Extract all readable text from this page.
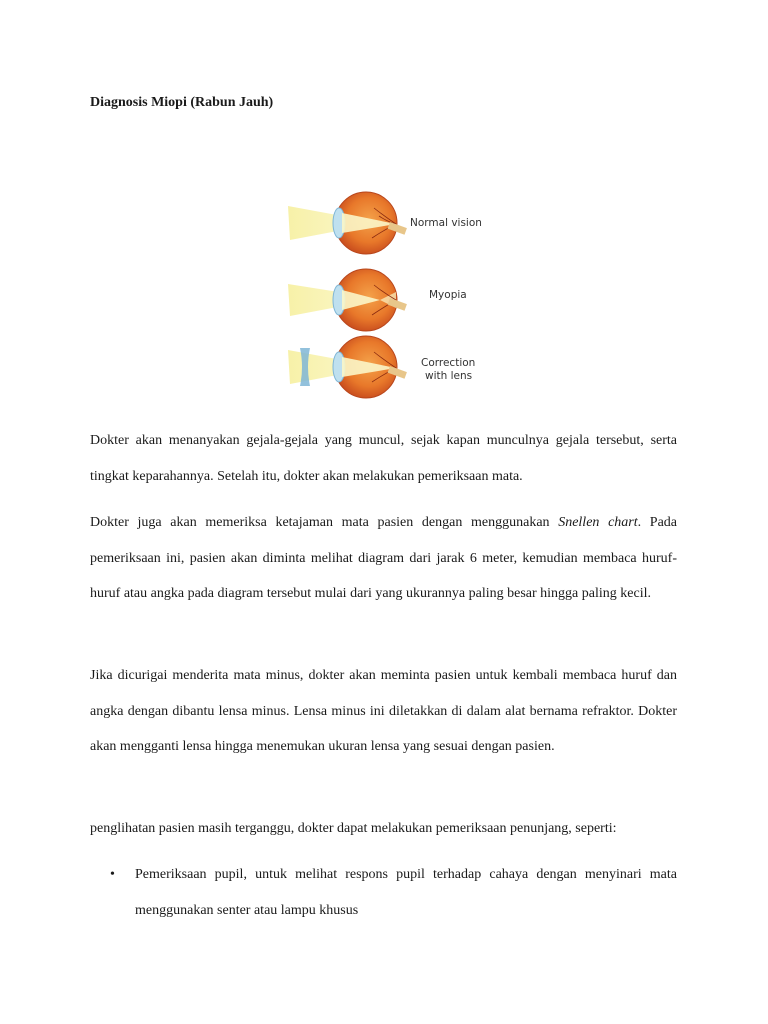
Diagnosis Miopi (Rabun Jauh)
Normal vision
Myopia
Correction
with lens

Dokter akan menanyakan gejala-gejala yang muncul, sejak kapan munculnya gejala tersebut, serta tingkat keparahannya. Setelah itu, dokter akan melakukan pemeriksaan mata.

Dokter juga akan memeriksa ketajaman mata pasien dengan menggunakan Snellen chart. Pada pemeriksaan ini, pasien akan diminta melihat diagram dari jarak 6 meter, kemudian membaca huruf-huruf atau angka pada diagram tersebut mulai dari yang ukurannya paling besar hingga paling kecil.

Jika dicurigai menderita mata minus, dokter akan meminta pasien untuk kembali membaca huruf dan angka dengan dibantu lensa minus. Lensa minus ini diletakkan di dalam alat bernama refraktor. Dokter akan mengganti lensa hingga menemukan ukuran lensa yang sesuai dengan pasien.

penglihatan pasien masih terganggu, dokter dapat melakukan pemeriksaan penunjang, seperti:

• Pemeriksaan pupil, untuk melihat respons pupil terhadap cahaya dengan menyinari mata menggunakan senter atau lampu khusus
